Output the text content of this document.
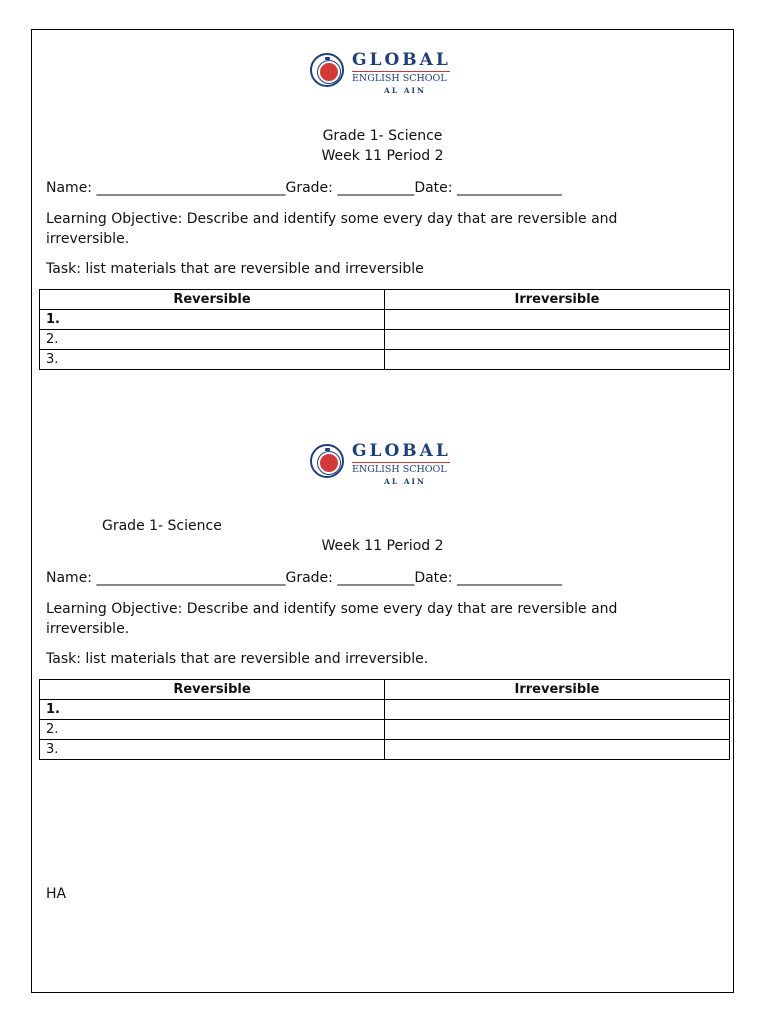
GLOBAL
ENGLISH SCHOOL
AL AIN
Grade 1- Science
Week 11 Period 2
Name: ___________________________Grade: ___________Date: _______________
Learning Objective: Describe and identify some every day that are reversible and irreversible.
Task: list materials that are reversible and irreversible
Reversible	Irreversible
1.	
2.	
3.	
GLOBAL
ENGLISH SCHOOL
AL AIN
Grade 1- Science
Week 11 Period 2
Name: ___________________________Grade: ___________Date: _______________
Learning Objective: Describe and identify some every day that are reversible and irreversible.
Task: list materials that are reversible and irreversible.
Reversible	Irreversible
1.	
2.	
3.	
HA
